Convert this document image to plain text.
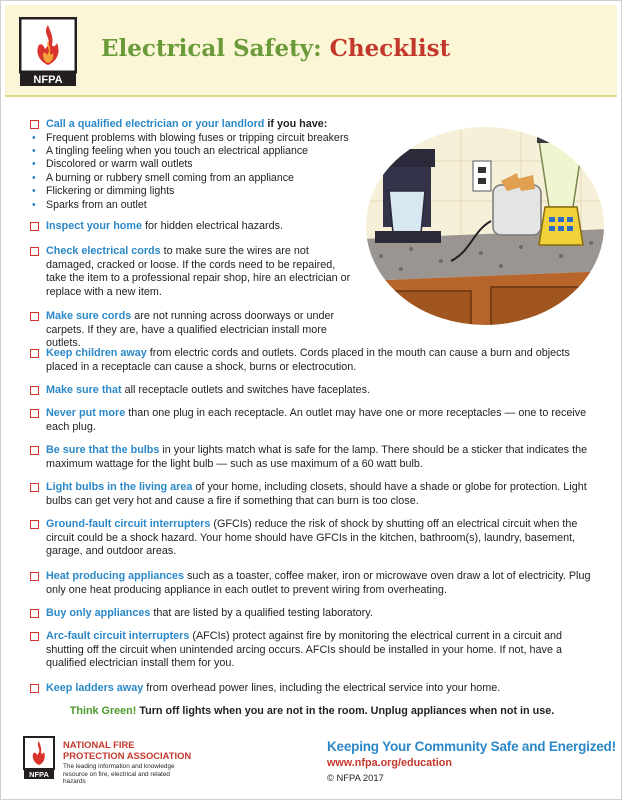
NFPA
Electrical Safety: Checklist
Call a qualified electrician or your landlord if you have:
• Frequent problems with blowing fuses or tripping circuit breakers
• A tingling feeling when you touch an electrical appliance
• Discolored or warm wall outlets
• A burning or rubbery smell coming from an appliance
• Flickering or dimming lights
• Sparks from an outlet
Inspect your home for hidden electrical hazards.
Check electrical cords to make sure the wires are not damaged, cracked or loose. If the cords need to be repaired, take the item to a professional repair shop, hire an electrician or replace with a new item.
Make sure cords are not running across doorways or under carpets. If they are, have a qualified electrician install more outlets.
Keep children away from electric cords and outlets. Cords placed in the mouth can cause a burn and objects placed in a receptacle can cause a shock, burns or electrocution.
Make sure that all receptacle outlets and switches have faceplates.
Never put more than one plug in each receptacle. An outlet may have one or more receptacles — one to receive each plug.
Be sure that the bulbs in your lights match what is safe for the lamp. There should be a sticker that indicates the maximum wattage for the light bulb — such as use maximum of a 60 watt bulb.
Light bulbs in the living area of your home, including closets, should have a shade or globe for protection. Light bulbs can get very hot and cause a fire if something that can burn is too close.
Ground-fault circuit interrupters (GFCIs) reduce the risk of shock by shutting off an electrical circuit when the circuit could be a shock hazard. Your home should have GFCIs in the kitchen, bathroom(s), laundry, basement, garage, and outdoor areas.
Heat producing appliances such as a toaster, coffee maker, iron or microwave oven draw a lot of electricity. Plug only one heat producing appliance in each outlet to prevent wiring from overheating.
Buy only appliances that are listed by a qualified testing laboratory.
Arc-fault circuit interrupters (AFCIs) protect against fire by monitoring the electrical current in a circuit and shutting off the circuit when unintended arcing occurs. AFCIs should be installed in your home. If not, have a qualified electrician install them for you.
Keep ladders away from overhead power lines, including the electrical service into your home.
Think Green! Turn off lights when you are not in the room. Unplug appliances when not in use.
NFPA
NATIONAL FIRE
PROTECTION ASSOCIATION
The leading information and knowledge resource on fire, electrical and related hazards
Keeping Your Community Safe and Energized!
www.nfpa.org/education
© NFPA 2017
